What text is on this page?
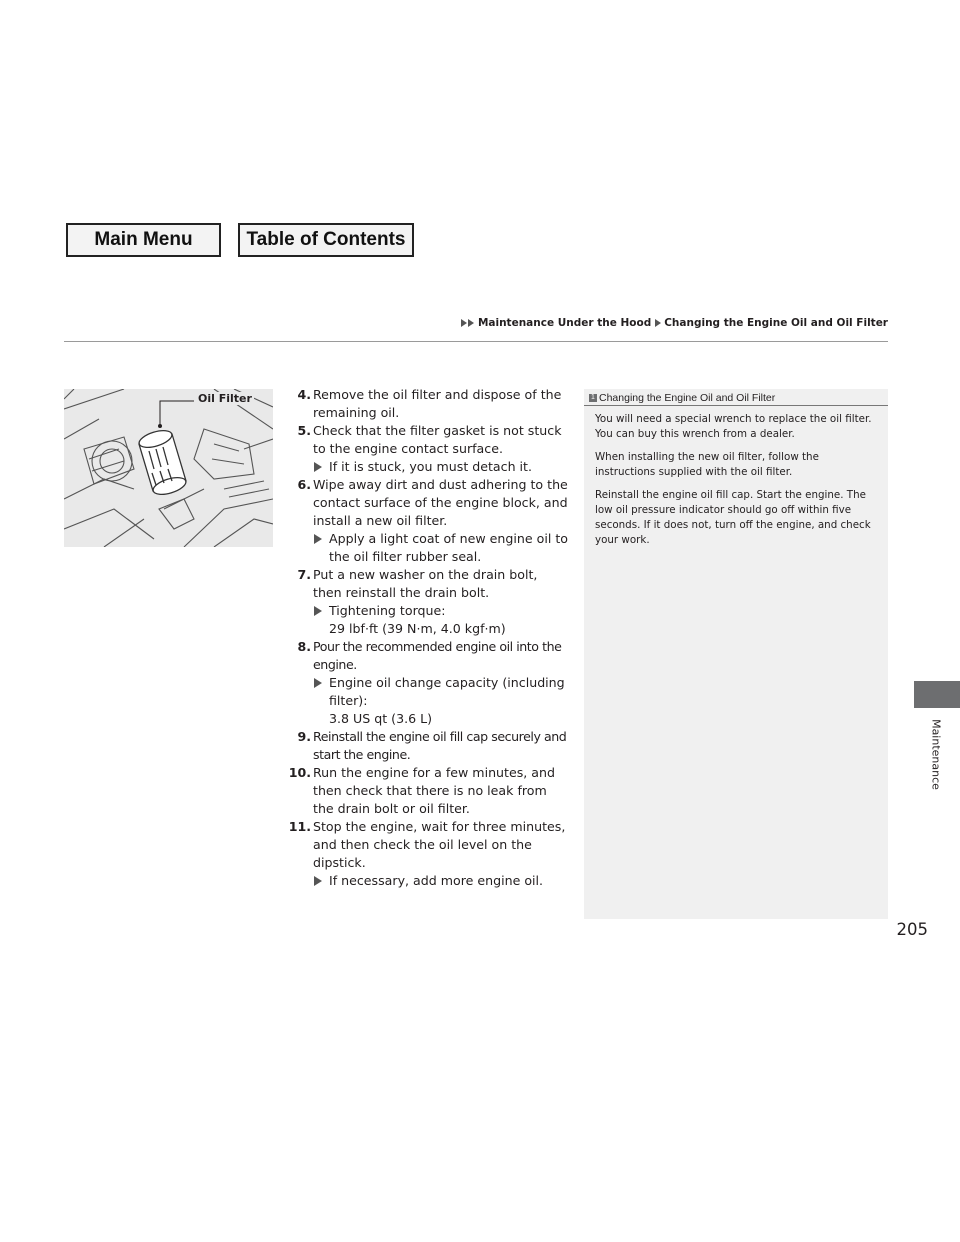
Main Menu	Table of Contents
Maintenance Under the Hood Changing the Engine Oil and Oil Filter
Oil Filter	4. Remove the oil filter and dispose of the remaining oil.
5. Check that the filter gasket is not stuck to the engine contact surface.
If it is stuck, you must detach it.
6. Wipe away dirt and dust adhering to the contact surface of the engine block, and install a new oil filter.
Apply a light coat of new engine oil to the oil filter rubber seal.
7. Put a new washer on the drain bolt, then reinstall the drain bolt.
Tightening torque:
29 lbf·ft (39 N·m, 4.0 kgf·m)
8. Pour the recommended engine oil into the engine.
Engine oil change capacity (including filter):
3.8 US qt (3.6 L)
9. Reinstall the engine oil fill cap securely and start the engine.
10. Run the engine for a few minutes, and then check that there is no leak from the drain bolt or oil filter.
11. Stop the engine, wait for three minutes, and then check the oil level on the dipstick.
If necessary, add more engine oil.
1 Changing the Engine Oil and Oil Filter

You will need a special wrench to replace the oil filter. You can buy this wrench from a dealer.

When installing the new oil filter, follow the instructions supplied with the oil filter.

Reinstall the engine oil fill cap. Start the engine. The low oil pressure indicator should go off within five seconds. If it does not, turn off the engine, and check your work.

Maintenance
205
